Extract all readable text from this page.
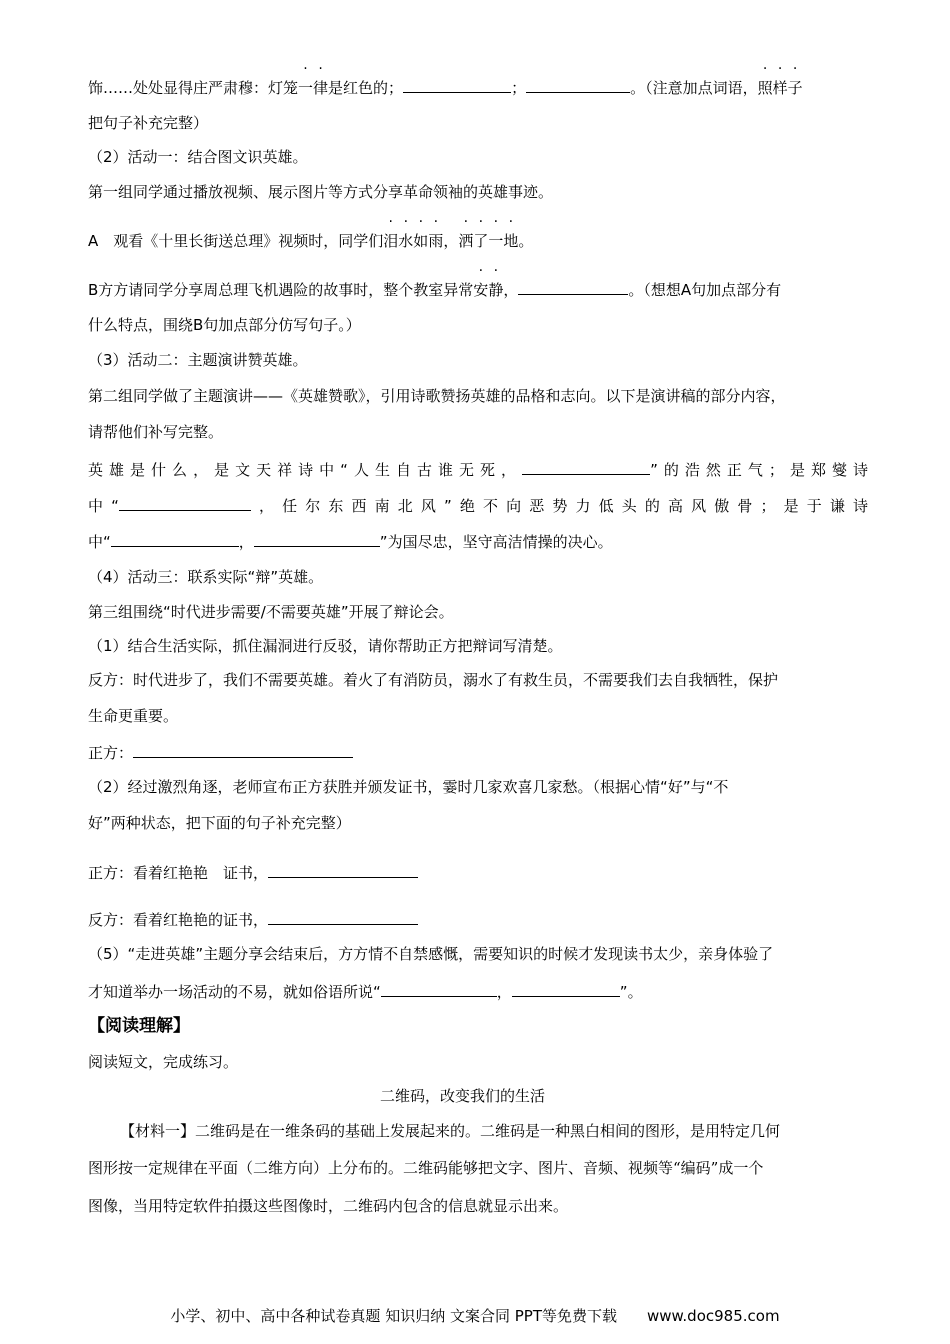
饰……处处显得庄严肃穆：灯笼一律是红色的；	；	。（注意加点词语，照样子
把句子补充完整）
（2）活动一：结合图文识英雄。
第一组同学通过播放视频、展示图片等方式分享革命领袖的英雄事迹。
A　观看《十里长街送总理》视频时，同学们泪水如雨，洒了一地。
B方方请同学分享周总理飞机遇险的故事时，整个教室异常安静，	。（想想A句加点部分有
什么特点，围绕B句加点部分仿写句子。）
（3）活动二：主题演讲赞英雄。
第二组同学做了主题演讲——《英雄赞歌》，引用诗歌赞扬英雄的品格和志向。以下是演讲稿的部分内容，
请帮他们补写完整。
英雄是什么，是文天祥诗中“人生自古谁无死，	”的浩然正气；是郑燮诗
中“	，任尔东西南北风”绝不向恶势力低头的高风傲骨；是于谦诗
中“	，	”为国尽忠，坚守高洁情操的决心。
（4）活动三：联系实际“辩”英雄。
第三组围绕“时代进步需要/不需要英雄”开展了辩论会。
（1）结合生活实际，抓住漏洞进行反驳，请你帮助正方把辩词写清楚。
反方：时代进步了，我们不需要英雄。着火了有消防员，溺水了有救生员，不需要我们去自我牺牲，保护
生命更重要。
正方：
（2）经过激烈角逐，老师宣布正方获胜并颁发证书，霎时几家欢喜几家愁。（根据心情“好”与“不
好”两种状态，把下面的句子补充完整）
正方：看着红艳艳　证书，
反方：看着红艳艳的证书，
（5）“走进英雄”主题分享会结束后，方方情不自禁感慨，需要知识的时候才发现读书太少，亲身体验了
才知道举办一场活动的不易，就如俗语所说“	，	”。
【阅读理解】
阅读短文，完成练习。
二维码，改变我们的生活
【材料一】二维码是在一维条码的基础上发展起来的。二维码是一种黑白相间的图形，是用特定几何
图形按一定规律在平面（二维方向）上分布的。二维码能够把文字、图片、音频、视频等“编码”成一个
图像，当用特定软件拍摄这些图像时，二维码内包含的信息就显示出来。
小学、初中、高中各种试卷真题 知识归纳 文案合同 PPT等免费下载　　www.doc985.com
